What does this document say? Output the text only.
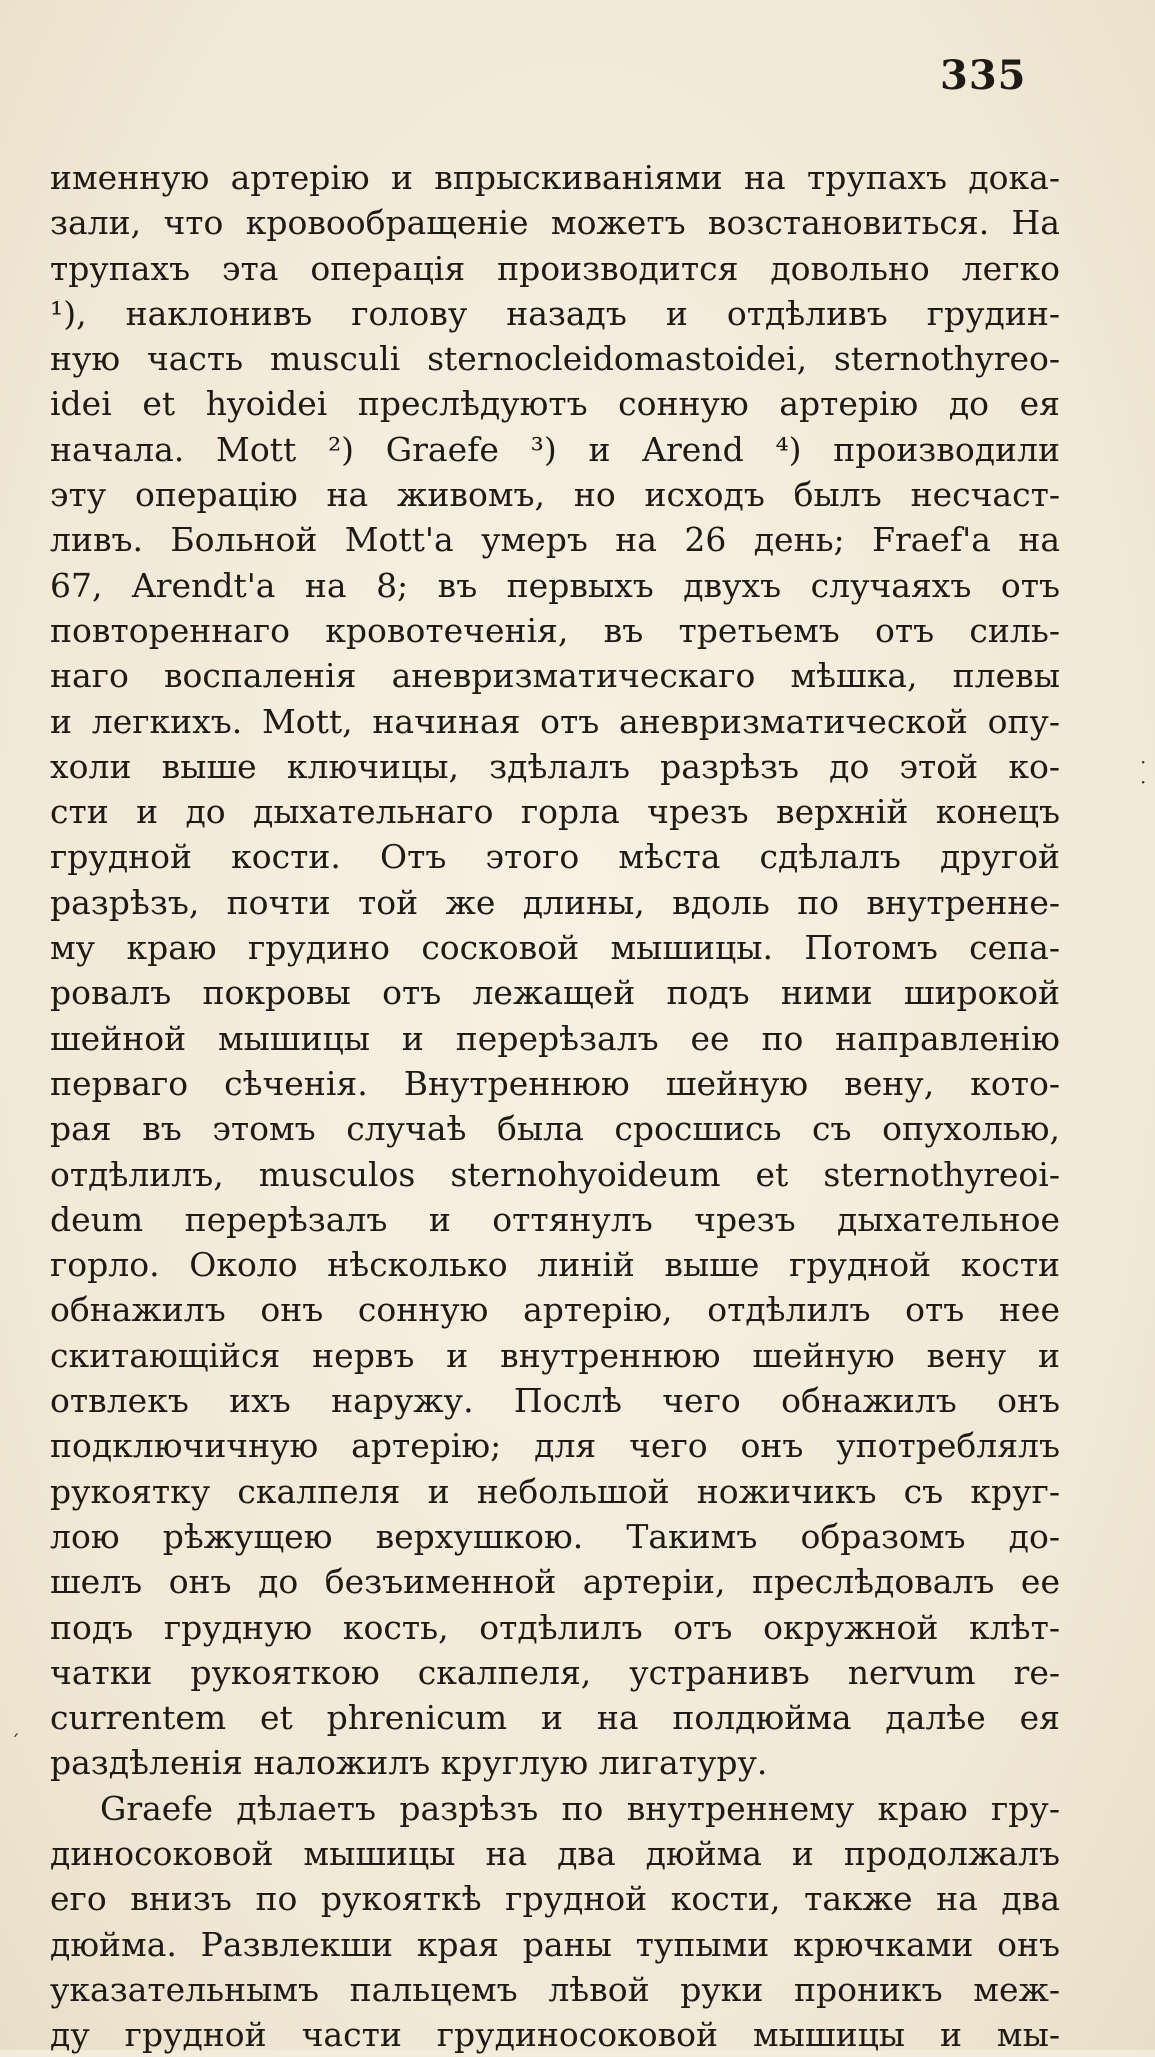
335
именную артерію и впрыскиваніями на трупахъ дока-
зали, что кровообращеніе можетъ возстановиться. На
трупахъ эта операція производится довольно легко
¹), наклонивъ голову назадъ и отдѣливъ грудин-
ную часть musculi sternocleidomastoidei, sternothyreo-
idei et hyoidei преслѣдуютъ сонную артерію до ея
начала. Mott ²) Graefe ³) и Arend ⁴) производили
эту операцію на живомъ, но исходъ былъ несчаст-
ливъ. Больной Mott'а умеръ на 26 день; Fraef'а на
67, Arendt'а на 8; въ первыхъ двухъ случаяхъ отъ
повтореннаго кровотеченія, въ третьемъ отъ силь-
наго воспаленія аневризматическаго мѣшка, плевы
и легкихъ. Mott, начиная отъ аневризматической опу-
холи выше ключицы, здѣлалъ разрѣзъ до этой ко-
сти и до дыхательнаго горла чрезъ верхній конецъ
грудной кости. Отъ этого мѣста сдѣлалъ другой
разрѣзъ, почти той же длины, вдоль по внутренне-
му краю грудино сосковой мышицы. Потомъ сепа-
ровалъ покровы отъ лежащей подъ ними широкой
шейной мышицы и перерѣзалъ ее по направленію
перваго сѣченія. Внутреннюю шейную вену, кото-
рая въ этомъ случаѣ была сросшись съ опухолью,
отдѣлилъ, musculos sternohyoideum et sternothyreoi-
deum перерѣзалъ и оттянулъ чрезъ дыхательное
горло. Около нѣсколько линій выше грудной кости
обнажилъ онъ сонную артерію, отдѣлилъ отъ нее
скитающійся нервъ и внутреннюю шейную вену и
отвлекъ ихъ наружу. Послѣ чего обнажилъ онъ
подключичную артерію; для чего онъ употреблялъ
рукоятку скалпеля и небольшой ножичикъ съ круг-
лою рѣжущею верхушкою. Такимъ образомъ до-
шелъ онъ до безъименной артеріи, преслѣдовалъ ее
подъ грудную кость, отдѣлилъ отъ окружной клѣт-
чатки рукояткою скалпеля, устранивъ nervum re-
currentem et phrenicum и на полдюйма далѣе ея
раздѣленія наложилъ круглую лигатуру.
Graefe дѣлаетъ разрѣзъ по внутреннему краю гру-
диносоковой мышицы на два дюйма и продолжалъ
его внизъ по рукояткѣ грудной кости, также на два
дюйма. Развлекши края раны тупыми крючками онъ
указательнымъ пальцемъ лѣвой руки проникъ меж-
ду грудной части грудиносоковой мышицы и мы-
·
·
ˊ
